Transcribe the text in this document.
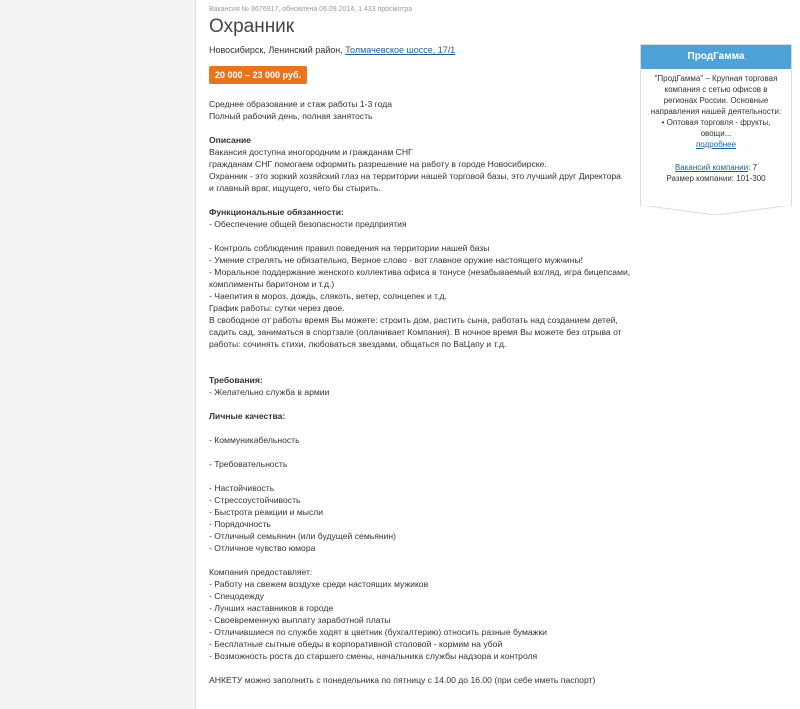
Вакансия № 8676917, обновлена 06.09.2014, 1 433 просмотра
Охранник
Новосибирск, Ленинский район, Толмачевское шоссе, 17/1
20 000 – 23 000 руб.
Среднее образование и стаж работы 1-3 года
Полный рабочий день, полная занятость
Описание
Вакансия доступна иногородним и гражданам СНГ
гражданам СНГ помогаем оформить разрешение на работу в городе Новосибирске.
Охранник - это зоркий хозяйский глаз на территории нашей торговой базы, это лучший друг Директора
и главный враг, ищущего, чего бы стырить.
Функциональные обязанности:
- Обеспечение общей безопасности предприятия
- Контроль соблюдения правил поведения на территории нашей базы
- Умение стрелять не обязательно, Верное слово - вот главное оружие настоящего мужчины!
- Моральное поддержание женского коллектива офиса в тонусе (незабываемый взгляд, игра бицепсами,
комплименты баритоном и т.д.)
- Чаепития в мороз, дождь, слякоть, ветер, солнцепек и т.д.
График работы: сутки через двое.
В свободное от работы время Вы можете: строить дом, растить сына, работать над созданием детей,
садить сад, заниматься в спортзале (оплачивает Компания). В ночное время Вы можете без отрыва от
работы: сочинять стихи, любоваться звездами, общаться по ВаЦапу и т.д.
Требования:
- Желательно служба в армии
Личные качества:
- Коммуникабельность
- Требовательность
- Настойчивость
- Стрессоустойчивость
- Быстрота реакции и мысли
- Порядочность
- Отличный семьянин (или будущей семьянин)
- Отличное чувство юмора
Компания предоставляет:
- Работу на свежем воздухе среди настоящих мужиков
- Спецодежду
- Лучших наставников в городе
- Своевременную выплату заработной платы
- Отличившиеся по службе ходят в цветник (бухгалтерию) относить разные бумажки
- Бесплатные сытные обеды в корпоративной столовой - кормим на убой
- Возможность роста до старшего смены, начальника службы надзора и контроля
АНКЕТУ можно заполнить с понедельника по пятницу с 14.00 до 16.00 (при себе иметь паспорт)
ПродГамма
"ПродГамма" – Крупная торговая
компания с сетью офисов в
регионах России. Основные
направления нашей деятельности:
• Оптовая торговля - фрукты,
овощи...
подробнее
Вакансий компании: 7
Размер компании: 101-300
